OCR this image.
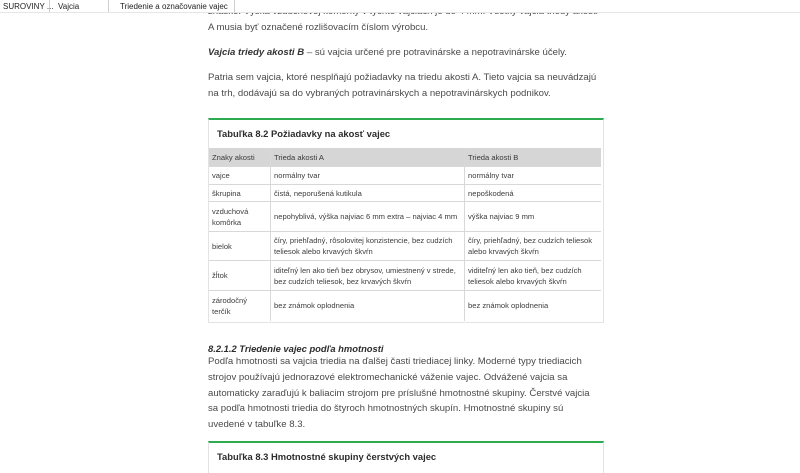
SUROVINY ... Vajcia	Triedenie a označovanie vajec

A musia byť označené rozlišovacím číslom výrobcu.

Vajcia triedy akosti B – sú vajcia určené pre potravinárske a nepotravinárske účely.

Patria sem vajcia, ktoré nesplňajú požiadavky na triedu akosti A. Tieto vajcia sa neuvádzajú na trh, dodávajú sa do vybraných potravinárskych a nepotravinárskych podnikov.

Tabuľka 8.2 Požiadavky na akosť vajec
Znaky akosti	Trieda akosti A	Trieda akosti B
vajce	normálny tvar	normálny tvar
škrupina	čistá, neporušená kutikula	nepoškodená
vzduchová komôrka	nepohyblivá, výška najviac 6 mm extra – najviac 4 mm	výška najviac 9 mm
bielok	číry, priehľadný, rôsolovitej konzistencie, bez cudzích teliesok alebo krvavých škvŕn	číry, priehľadný, bez cudzích teliesok alebo krvavých škvŕn
žĺtok	iditeľný len ako tieň bez obrysov, umiestnený v strede, bez cudzích teliesok, bez krvavých škvŕn	viditeľný len ako tieň, bez cudzích teliesok alebo krvavých škvŕn
zárodočný terčík	bez známok oplodnenia	bez známok oplodnenia
8.2.1.2 Triedenie vajec podľa hmotnosti

Podľa hmotnosti sa vajcia triedia na ďalšej časti triediacej linky. Moderné typy triediacich strojov používajú jednorazové elektromechanické váženie vajec. Odvážené vajcia sa automaticky zaraďujú k baliacim strojom pre príslušné hmotnostné skupiny. Čerstvé vajcia sa podľa hmotnosti triedia do štyroch hmotnostných skupín. Hmotnostné skupiny sú uvedené v tabuľke 8.3.

Tabuľka 8.3 Hmotnostné skupiny čerstvých vajec
